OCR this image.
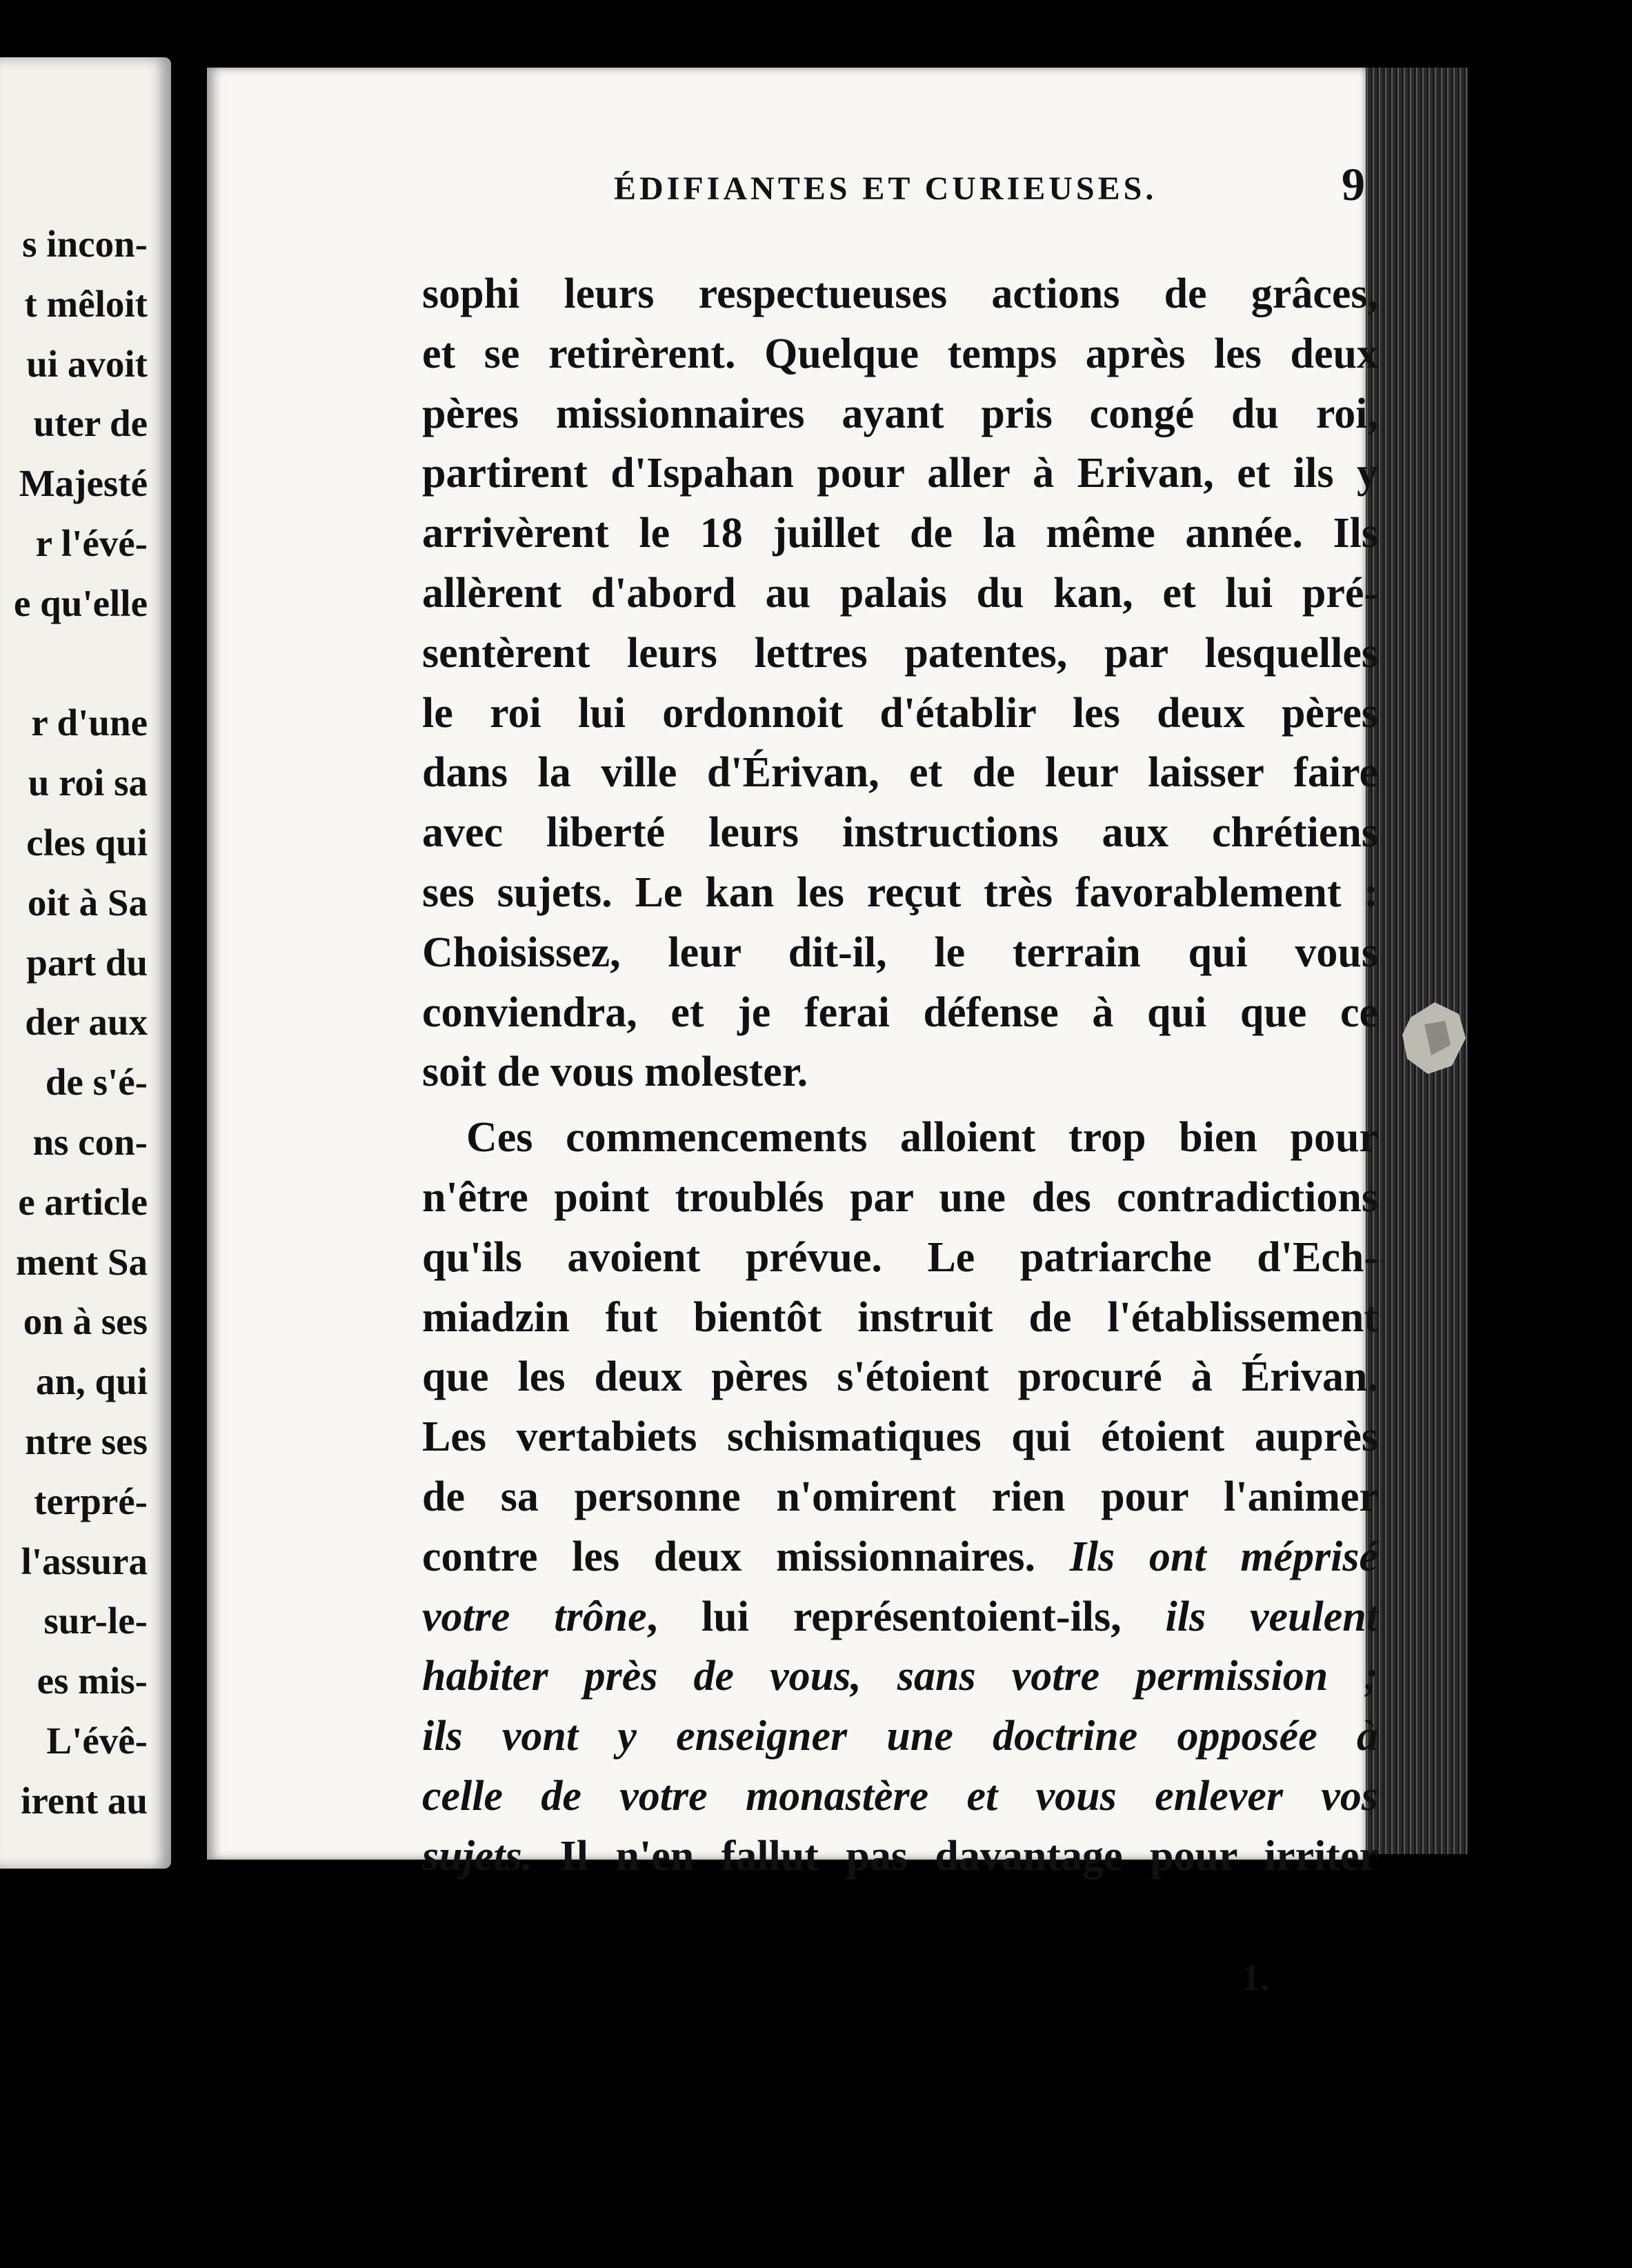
s incon-
t mêloit
ui avoit
uter de
Majesté
r l'évé-
e qu'elle
r d'une
u roi sa
cles qui
oit à Sa
part du
der aux
de s'é-
ns con-
e article
ment Sa
on à ses
an, qui
ntre ses
terpré-
l'assura
sur-le-
es mis-
L'évê-
irent au
ÉDIFIANTES ET CURIEUSES.	9
sophi leurs respectueuses actions de grâces,
et se retirèrent. Quelque temps après les deux
pères missionnaires ayant pris congé du roi,
partirent d'Ispahan pour aller à Erivan, et ils y
arrivèrent le 18 juillet de la même année. Ils
allèrent d'abord au palais du kan, et lui pré-
sentèrent leurs lettres patentes, par lesquelles
le roi lui ordonnoit d'établir les deux pères
dans la ville d'Érivan, et de leur laisser faire
avec liberté leurs instructions aux chrétiens
ses sujets. Le kan les reçut très favorablement :
Choisissez, leur dit-il, le terrain qui vous
conviendra, et je ferai défense à qui que ce
soit de vous molester.
Ces commencements alloient trop bien pour
n'être point troublés par une des contradictions
qu'ils avoient prévue. Le patriarche d'Ech-
miadzin fut bientôt instruit de l'établissement
que les deux pères s'étoient procuré à Érivan.
Les vertabiets schismatiques qui étoient auprès
de sa personne n'omirent rien pour l'animer
contre les deux missionnaires. Ils ont méprisé
votre trône, lui représentoient-ils, ils veulent
habiter près de vous, sans votre permission ;
ils vont y enseigner une doctrine opposée à
celle de votre monastère et vous enlever vos
sujets. Il n'en fallut pas davantage pour irriter
1.
